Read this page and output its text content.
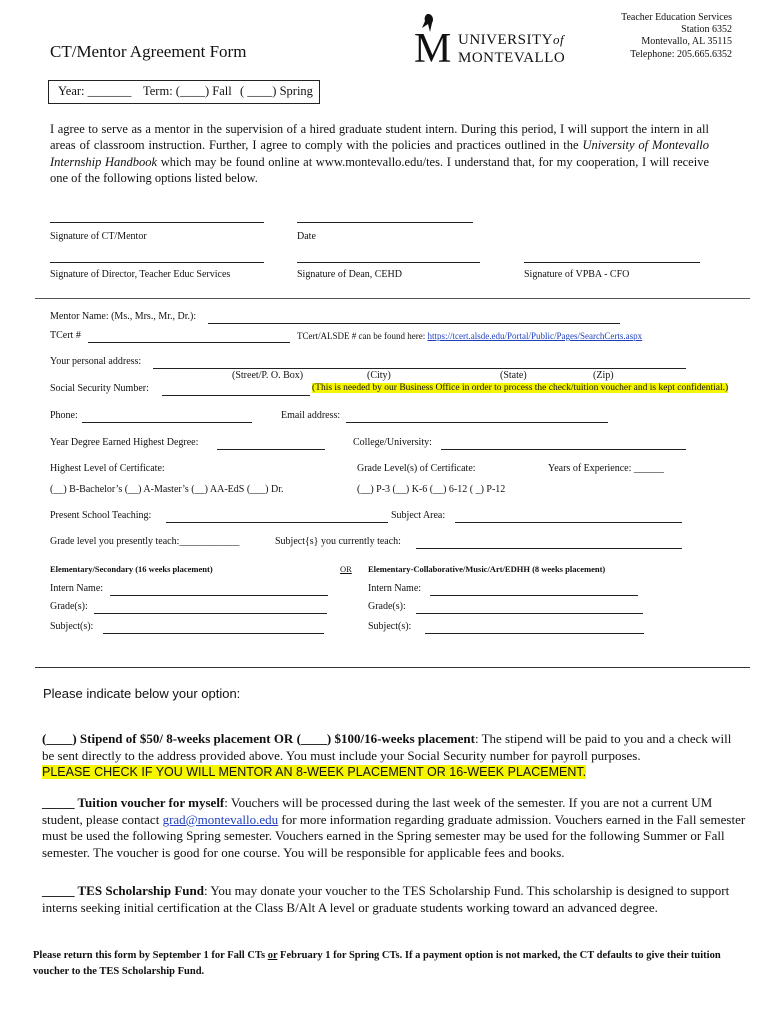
CT/Mentor Agreement Form	M UNIVERSITYof
MONTEVALLO
Teacher Education Services
Station 6352
Montevallo, AL 35115
Telephone: 205.665.6352
Year: _______ Term: (____) Fall ( ____) Spring
I agree to serve as a mentor in the supervision of a hired graduate student intern. During this period, I will support the intern in all areas of classroom instruction. Further, I agree to comply with the policies and practices outlined in the University of Montevallo Internship Handbook which may be found online at www.montevallo.edu/tes. I understand that, for my cooperation, I will receive one of the following options listed below.
Signature of CT/Mentor	Date
Signature of Director, Teacher Educ Services	Signature of Dean, CEHD	Signature of VPBA - CFO
Mentor Name: (Ms., Mrs., Mr., Dr.):
TCert #	TCert/ALSDE # can be found here: https://tcert.alsde.edu/Portal/Public/Pages/SearchCerts.aspx
Your personal address:
(Street/P. O. Box)	(City)	(State)	(Zip)
Social Security Number:	(This is needed by our Business Office in order to process the check/tuition voucher and is kept confidential.)
Phone:	Email address:
Year Degree Earned Highest Degree:	College/University:
Highest Level of Certificate:	Grade Level(s) of Certificate:	Years of Experience: ______
(__) B-Bachelor’s (__) A-Master’s (__) AA-EdS (___) Dr.	(__) P-3 (__) K-6 (__) 6-12 ( _) P-12
Present School Teaching:	Subject Area:
Grade level you presently teach:____________	Subject{s} you currently teach:
Elementary/Secondary (16 weeks placement)	OR Elementary-Collaborative/Music/Art/EDHH (8 weeks placement)
Intern Name:	Intern Name:
Grade(s):	Grade(s):
Subject(s):	Subject(s):
Please indicate below your option:
(____) Stipend of $50/ 8-weeks placement OR (____) $100/16-weeks placement: The stipend will be paid to you and a check will be sent directly to the address provided above. You must include your Social Security number for payroll purposes.
PLEASE CHECK IF YOU WILL MENTOR AN 8-WEEK PLACEMENT OR 16-WEEK PLACEMENT.
_____ Tuition voucher for myself: Vouchers will be processed during the last week of the semester. If you are not a current UM student, please contact grad@montevallo.edu for more information regarding graduate admission. Vouchers earned in the Fall semester must be used the following Spring semester. Vouchers earned in the Spring semester may be used for the following Summer or Fall semester. The voucher is good for one course. You will be responsible for applicable fees and books.
_____ TES Scholarship Fund: You may donate your voucher to the TES Scholarship Fund. This scholarship is designed to support interns seeking initial certification at the Class B/Alt A level or graduate students working toward an advanced degree.
Please return this form by September 1 for Fall CTs or February 1 for Spring CTs. If a payment option is not marked, the CT defaults to give their tuition voucher to the TES Scholarship Fund.
